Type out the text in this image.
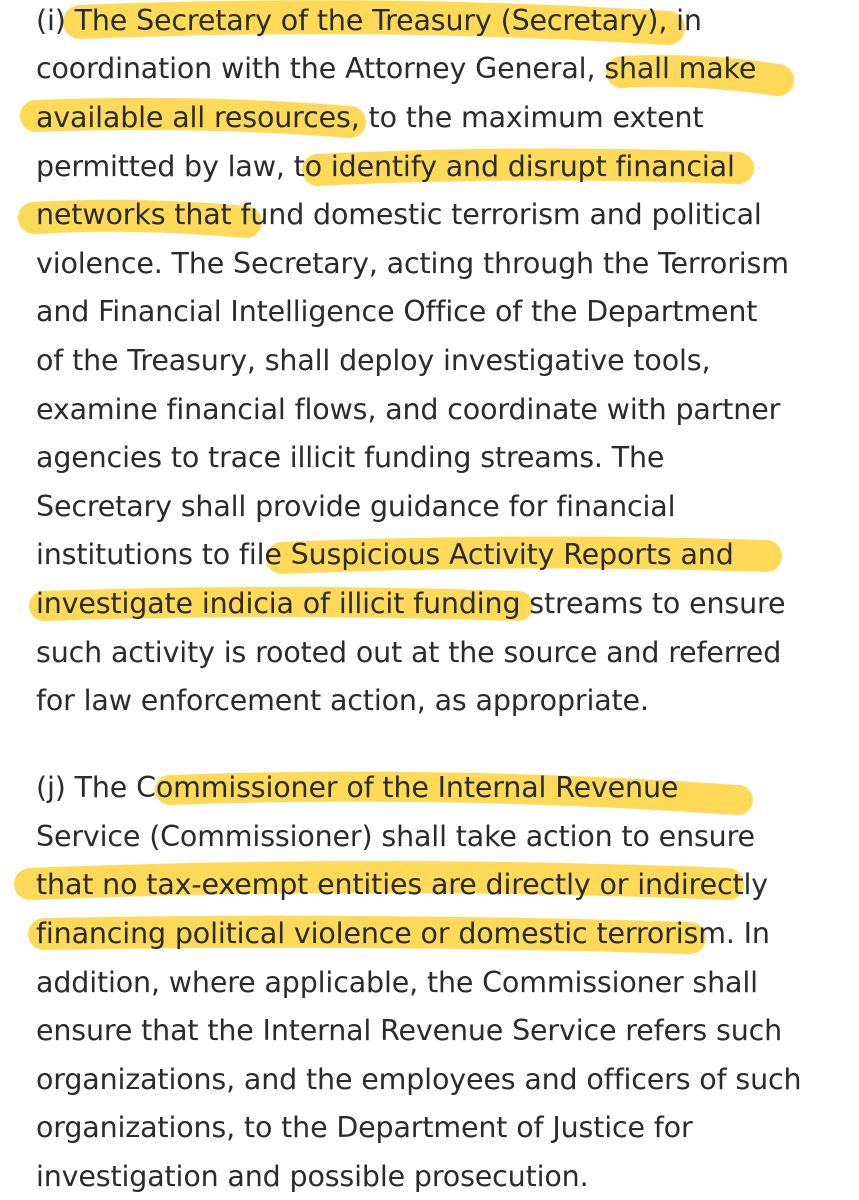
(i) The Secretary of the Treasury (Secretary), in

coordination with the Attorney General, shall make

available all resources, to the maximum extent

permitted by law, to identify and disrupt financial

networks that fund domestic terrorism and political

violence. The Secretary, acting through the Terrorism

and Financial Intelligence Office of the Department

of the Treasury, shall deploy investigative tools,

examine financial flows, and coordinate with partner

agencies to trace illicit funding streams. The

Secretary shall provide guidance for financial

institutions to file Suspicious Activity Reports and

investigate indicia of illicit funding streams to ensure

such activity is rooted out at the source and referred

for law enforcement action, as appropriate.

(j) The Commissioner of the Internal Revenue

Service (Commissioner) shall take action to ensure

that no tax-exempt entities are directly or indirectly

financing political violence or domestic terrorism. In

addition, where applicable, the Commissioner shall

ensure that the Internal Revenue Service refers such

organizations, and the employees and officers of such

organizations, to the Department of Justice for

investigation and possible prosecution.
